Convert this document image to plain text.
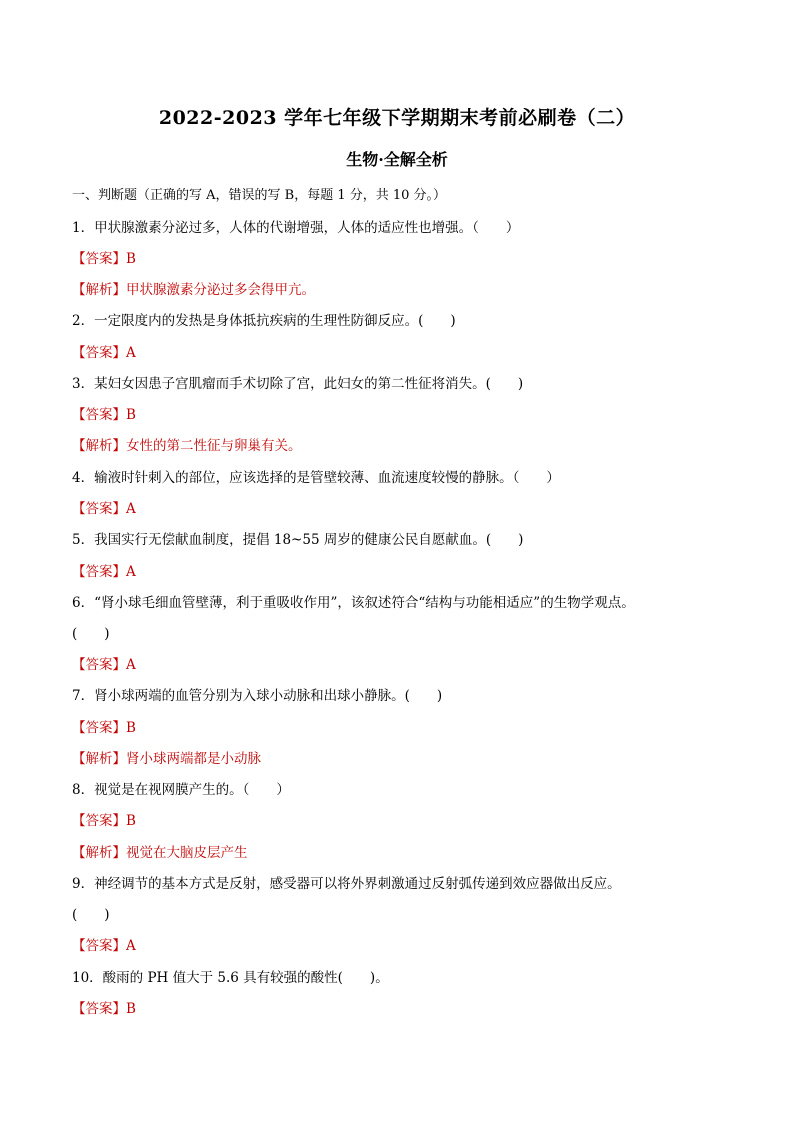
2022-2023 学年七年级下学期期末考前必刷卷（二）
生物·全解全析
一、判断题（正确的写 A，错误的写 B，每题 1 分，共 10 分。）
1．甲状腺激素分泌过多，人体的代谢增强，人体的适应性也增强。（　　）
【答案】B
【解析】甲状腺激素分泌过多会得甲亢。
2．一定限度内的发热是身体抵抗疾病的生理性防御反应。(　　)
【答案】A
3．某妇女因患子宫肌瘤而手术切除了宫，此妇女的第二性征将消失。(　　)
【答案】B
【解析】女性的第二性征与卵巢有关。
4．输液时针刺入的部位，应该选择的是管壁较薄、血流速度较慢的静脉。（　　）
【答案】A
5．我国实行无偿献血制度，提倡 18~55 周岁的健康公民自愿献血。(　　)
【答案】A
6．“肾小球毛细血管壁薄，利于重吸收作用”，该叙述符合“结构与功能相适应”的生物学观点。
(　　)
【答案】A
7．肾小球两端的血管分别为入球小动脉和出球小静脉。(　　)
【答案】B
【解析】肾小球两端都是小动脉
8．视觉是在视网膜产生的。（　　）
【答案】B
【解析】视觉在大脑皮层产生
9．神经调节的基本方式是反射，感受器可以将外界刺激通过反射弧传递到效应器做出反应。
(　　)
【答案】A
10．酸雨的 PH 值大于 5.6 具有较强的酸性(　　)。
【答案】B
